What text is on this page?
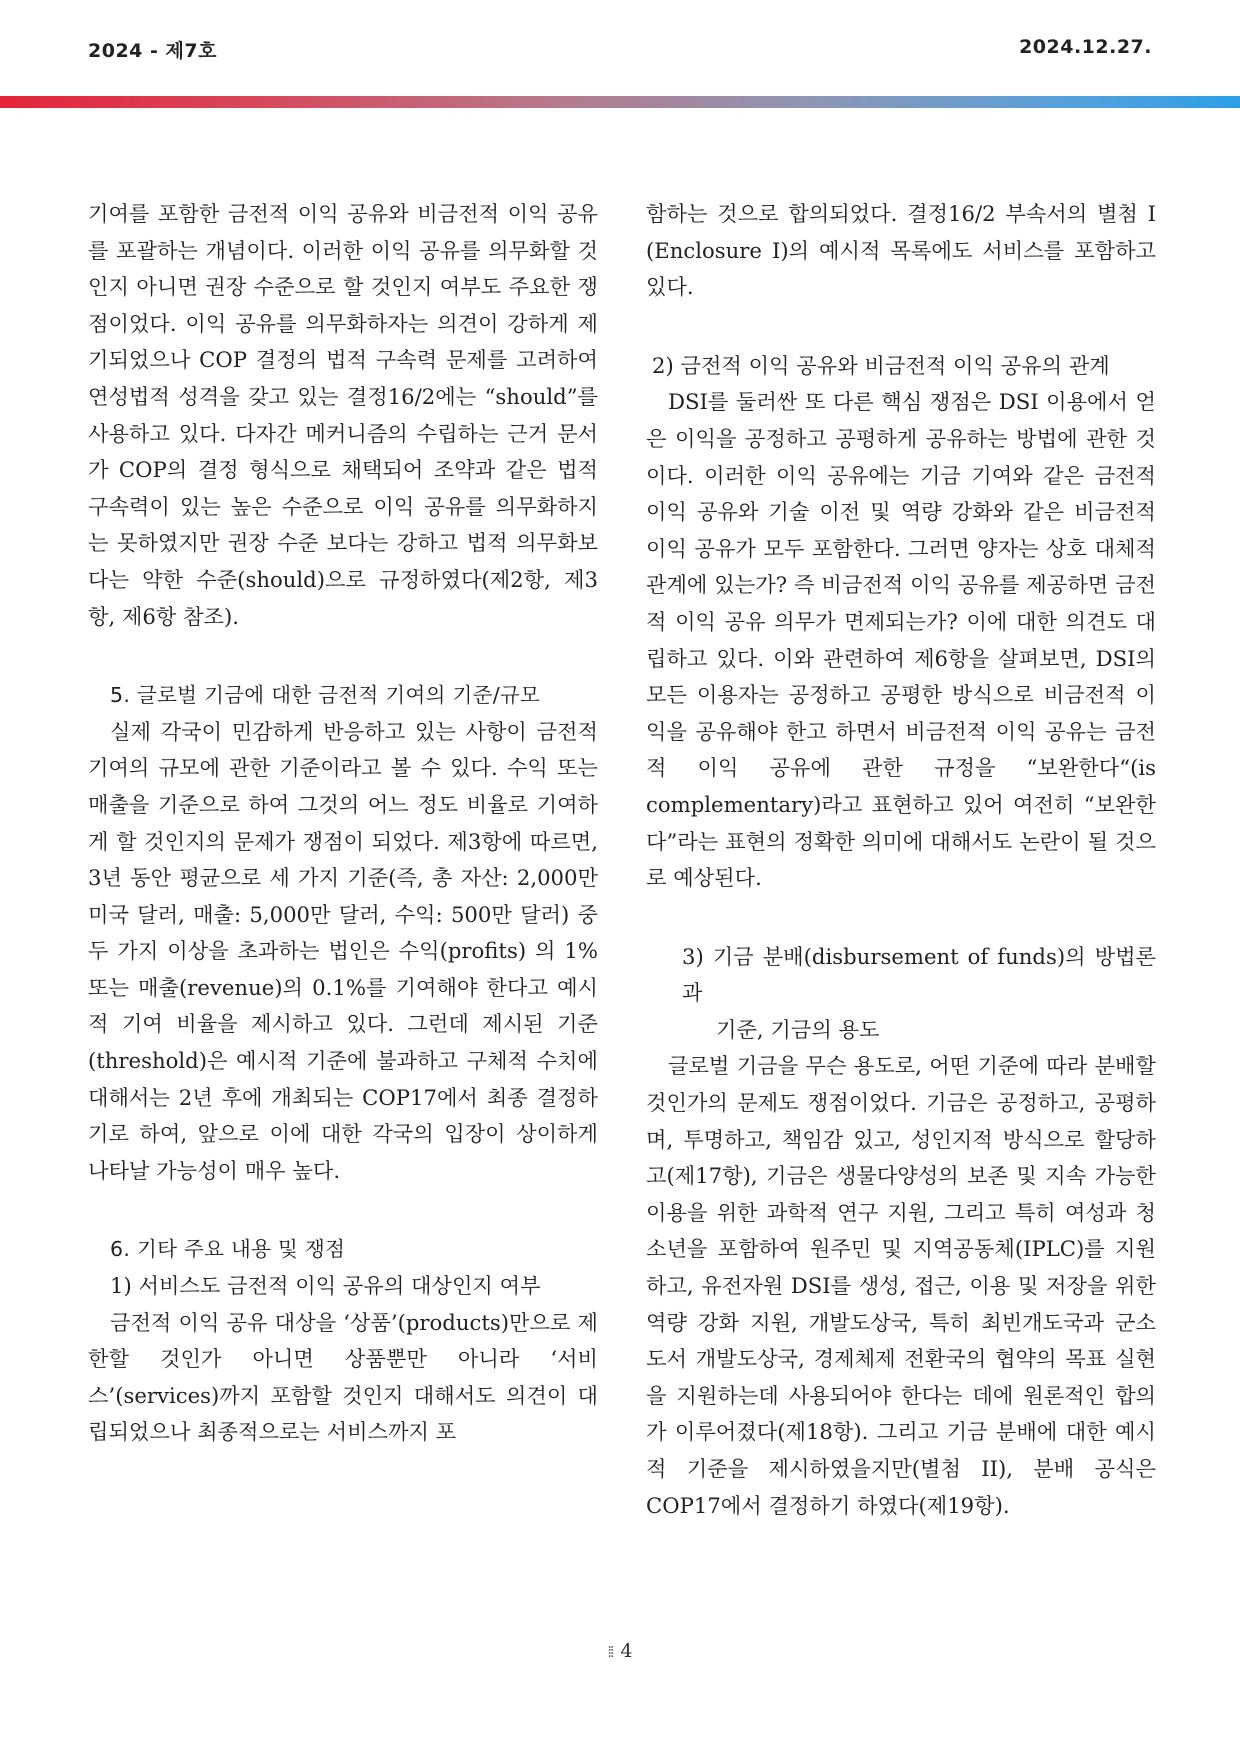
2024 - 제7호	2024.12.27.

기여를 포함한 금전적 이익 공유와 비금전적 이익 공유를 포괄하는 개념이다. 이러한 이익 공유를 의무화할 것인지 아니면 권장 수준으로 할 것인지 여부도 주요한 쟁점이었다. 이익 공유를 의무화하자는 의견이 강하게 제기되었으나 COP 결정의 법적 구속력 문제를 고려하여 연성법적 성격을 갖고 있는 결정16/2에는 “should”를 사용하고 있다. 다자간 메커니즘의 수립하는 근거 문서가 COP의 결정 형식으로 채택되어 조약과 같은 법적 구속력이 있는 높은 수준으로 이익 공유를 의무화하지는 못하였지만 권장 수준 보다는 강하고 법적 의무화보다는 약한 수준(should)으로 규정하였다(제2항, 제3항, 제6항 참조).

5. 글로벌 기금에 대한 금전적 기여의 기준/규모

실제 각국이 민감하게 반응하고 있는 사항이 금전적 기여의 규모에 관한 기준이라고 볼 수 있다. 수익 또는 매출을 기준으로 하여 그것의 어느 정도 비율로 기여하게 할 것인지의 문제가 쟁점이 되었다. 제3항에 따르면, 3년 동안 평균으로 세 가지 기준(즉, 총 자산: 2,000만 미국 달러, 매출: 5,000만 달러, 수익: 500만 달러) 중 두 가지 이상을 초과하는 법인은 수익(profits) 의 1% 또는 매출(revenue)의 0.1%를 기여해야 한다고 예시적 기여 비율을 제시하고 있다. 그런데 제시된 기준(threshold)은 예시적 기준에 불과하고 구체적 수치에 대해서는 2년 후에 개최되는 COP17에서 최종 결정하기로 하여, 앞으로 이에 대한 각국의 입장이 상이하게 나타날 가능성이 매우 높다.

6. 기타 주요 내용 및 쟁점

1) 서비스도 금전적 이익 공유의 대상인지 여부

금전적 이익 공유 대상을 ‘상품’(products)만으로 제한할 것인가 아니면 상품뿐만 아니라 ‘서비스’(services)까지 포함할 것인지 대해서도 의견이 대립되었으나 최종적으로는 서비스까지 포

함하는 것으로 합의되었다. 결정16/2 부속서의 별첨 I (Enclosure I)의 예시적 목록에도 서비스를 포함하고 있다.

2) 금전적 이익 공유와 비금전적 이익 공유의 관계

DSI를 둘러싼 또 다른 핵심 쟁점은 DSI 이용에서 얻은 이익을 공정하고 공평하게 공유하는 방법에 관한 것이다. 이러한 이익 공유에는 기금 기여와 같은 금전적 이익 공유와 기술 이전 및 역량 강화와 같은 비금전적 이익 공유가 모두 포함한다. 그러면 양자는 상호 대체적 관계에 있는가? 즉 비금전적 이익 공유를 제공하면 금전적 이익 공유 의무가 면제되는가? 이에 대한 의견도 대립하고 있다. 이와 관련하여 제6항을 살펴보면, DSI의 모든 이용자는 공정하고 공평한 방식으로 비금전적 이익을 공유해야 한고 하면서 비금전적 이익 공유는 금전적 이익 공유에 관한 규정을 “보완한다“(is complementary)라고 표현하고 있어 여전히 “보완한다”라는 표현의 정확한 의미에 대해서도 논란이 될 것으로 예상된다.

3) 기금 분배(disbursement of funds)의 방법론과

기준, 기금의 용도

글로벌 기금을 무슨 용도로, 어떤 기준에 따라 분배할 것인가의 문제도 쟁점이었다. 기금은 공정하고, 공평하며, 투명하고, 책임감 있고, 성인지적 방식으로 할당하고(제17항), 기금은 생물다양성의 보존 및 지속 가능한 이용을 위한 과학적 연구 지원, 그리고 특히 여성과 청소년을 포함하여 원주민 및 지역공동체(IPLC)를 지원하고, 유전자원 DSI를 생성, 접근, 이용 및 저장을 위한 역량 강화 지원, 개발도상국, 특히 최빈개도국과 군소 도서 개발도상국, 경제체제 전환국의 협약의 목표 실현을 지원하는데 사용되어야 한다는 데에 원론적인 합의가 이루어졌다(제18항). 그리고 기금 분배에 대한 예시적 기준을 제시하였을지만(별첨 II), 분배 공식은 COP17에서 결정하기 하였다(제19항).

⁞⁞ 4
